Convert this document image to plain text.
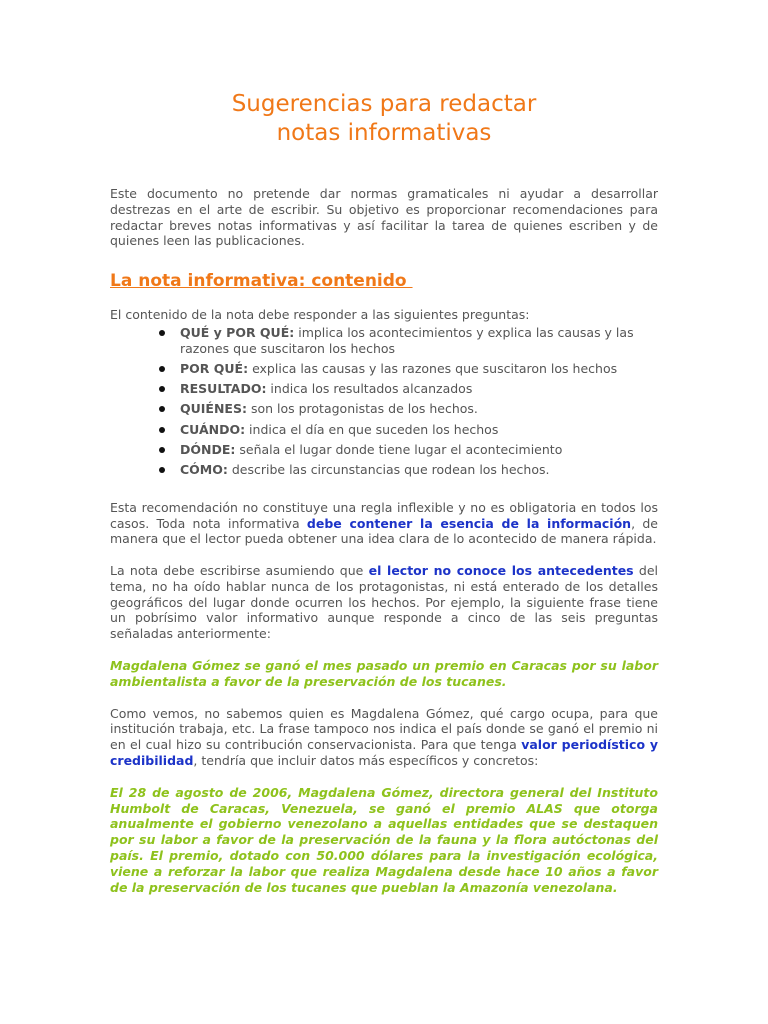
Sugerencias para redactar
notas informativas

Este documento no pretende dar normas gramaticales ni ayudar a desarrollar destrezas en el arte de escribir. Su objetivo es proporcionar recomendaciones para redactar breves notas informativas y así facilitar la tarea de quienes escriben y de quienes leen las publicaciones.

La nota informativa: contenido

El contenido de la nota debe responder a las siguientes preguntas:

QUÉ y POR QUÉ: implica los acontecimientos y explica las causas y las razones que suscitaron los hechos
POR QUÉ: explica las causas y las razones que suscitaron los hechos
RESULTADO: indica los resultados alcanzados
QUIÉNES: son los protagonistas de los hechos.
CUÁNDO: indica el día en que suceden los hechos
DÓNDE: señala el lugar donde tiene lugar el acontecimiento
CÓMO: describe las circunstancias que rodean los hechos.

Esta recomendación no constituye una regla inflexible y no es obligatoria en todos los casos. Toda nota informativa debe contener la esencia de la información, de manera que el lector pueda obtener una idea clara de lo acontecido de manera rápida.

La nota debe escribirse asumiendo que el lector no conoce los antecedentes del tema, no ha oído hablar nunca de los protagonistas, ni está enterado de los detalles geográficos del lugar donde ocurren los hechos. Por ejemplo, la siguiente frase tiene un pobrísimo valor informativo aunque responde a cinco de las seis preguntas señaladas anteriormente:

Magdalena Gómez se ganó el mes pasado un premio en Caracas por su labor ambientalista a favor de la preservación de los tucanes.

Como vemos, no sabemos quien es Magdalena Gómez, qué cargo ocupa, para que institución trabaja, etc. La frase tampoco nos indica el país donde se ganó el premio ni en el cual hizo su contribución conservacionista. Para que tenga valor periodístico y credibilidad, tendría que incluir datos más específicos y concretos:

El 28 de agosto de 2006, Magdalena Gómez, directora general del Instituto Humbolt de Caracas, Venezuela, se ganó el premio ALAS que otorga anualmente el gobierno venezolano a aquellas entidades que se destaquen por su labor a favor de la preservación de la fauna y la flora autóctonas del país. El premio, dotado con 50.000 dólares para la investigación ecológica, viene a reforzar la labor que realiza Magdalena desde hace 10 años a favor de la preservación de los tucanes que pueblan la Amazonía venezolana.
